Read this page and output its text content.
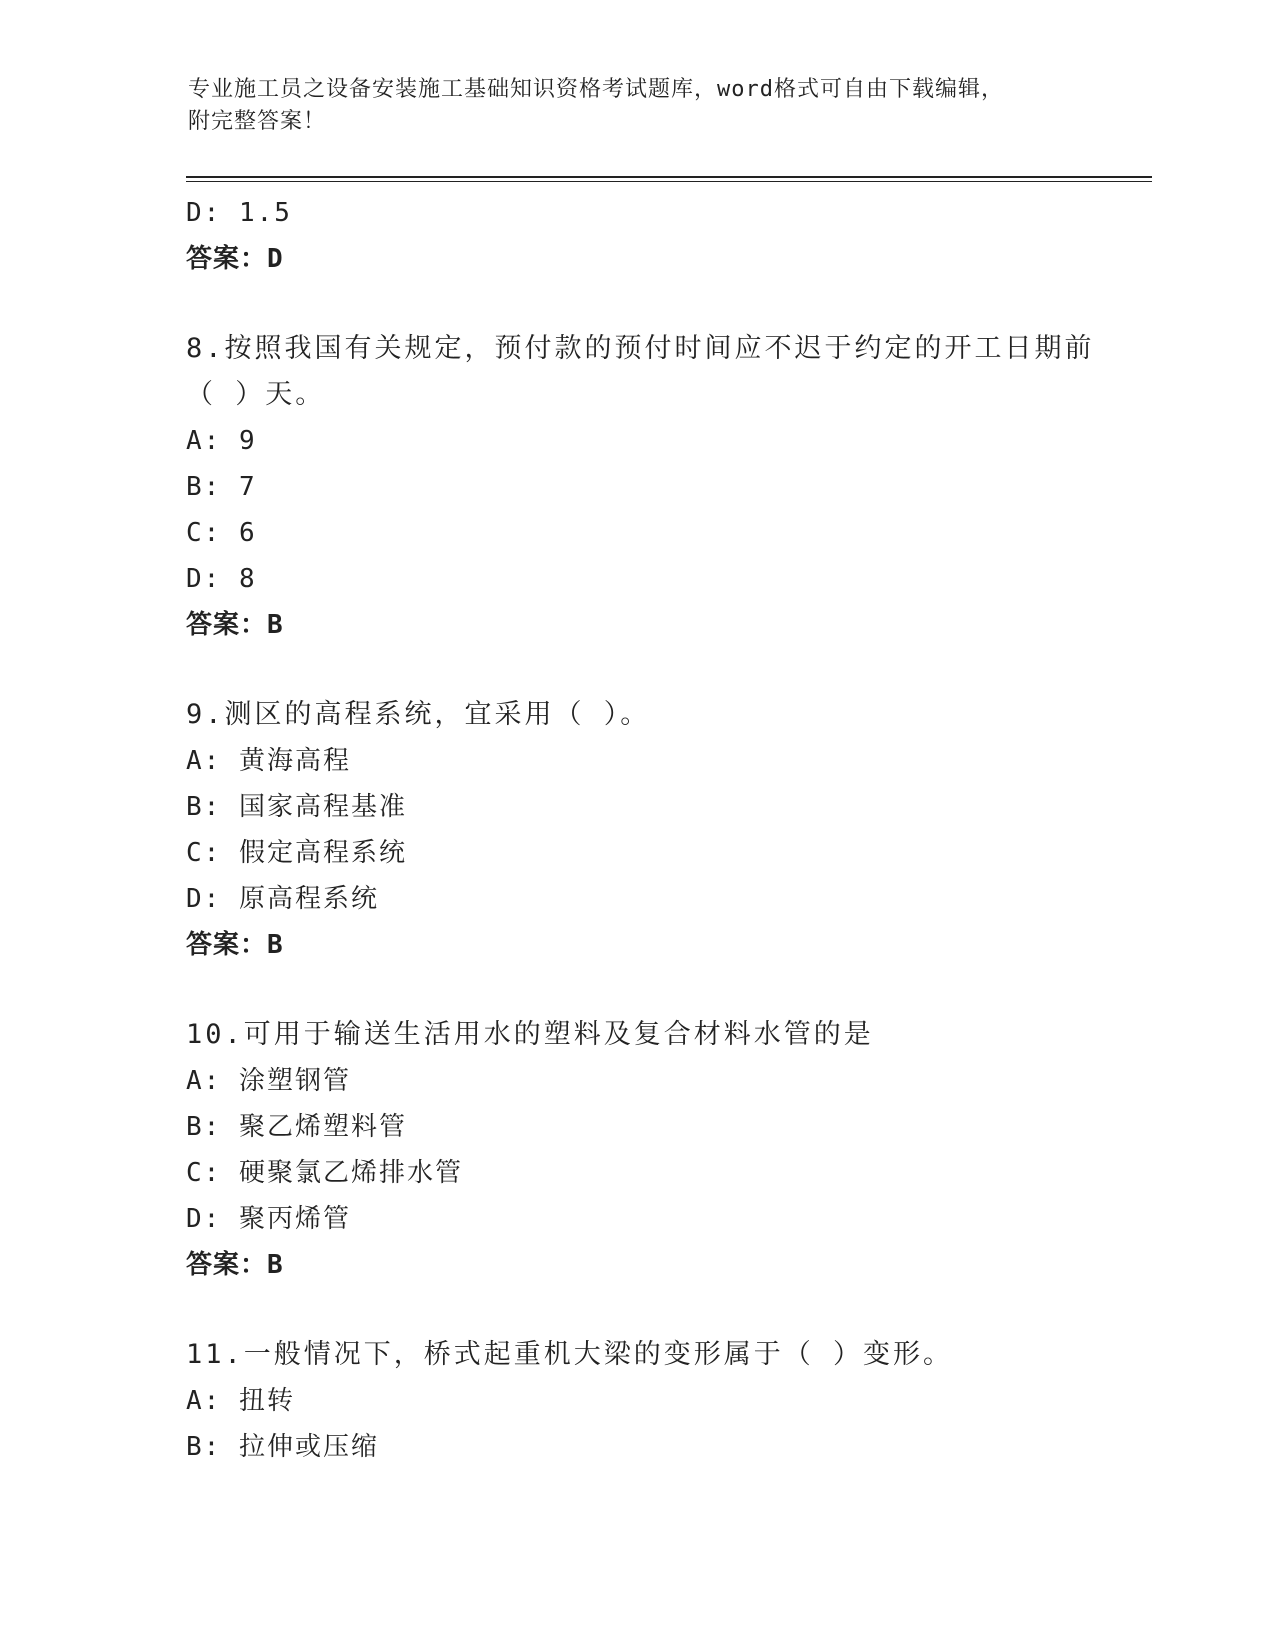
专业施工员之设备安装施工基础知识资格考试题库，word格式可自由下载编辑，
附完整答案！
D: 1.5
答案：D
8.按照我国有关规定，预付款的预付时间应不迟于约定的开工日期前
（ ）天。
A: 9
B: 7
C: 6
D: 8
答案：B
9.测区的高程系统，宜采用（ ）。
A: 黄海高程
B: 国家高程基准
C: 假定高程系统
D: 原高程系统
答案：B
10.可用于输送生活用水的塑料及复合材料水管的是
A: 涂塑钢管
B: 聚乙烯塑料管
C: 硬聚氯乙烯排水管
D: 聚丙烯管
答案：B
11.一般情况下，桥式起重机大梁的变形属于（ ）变形。
A: 扭转
B: 拉伸或压缩
